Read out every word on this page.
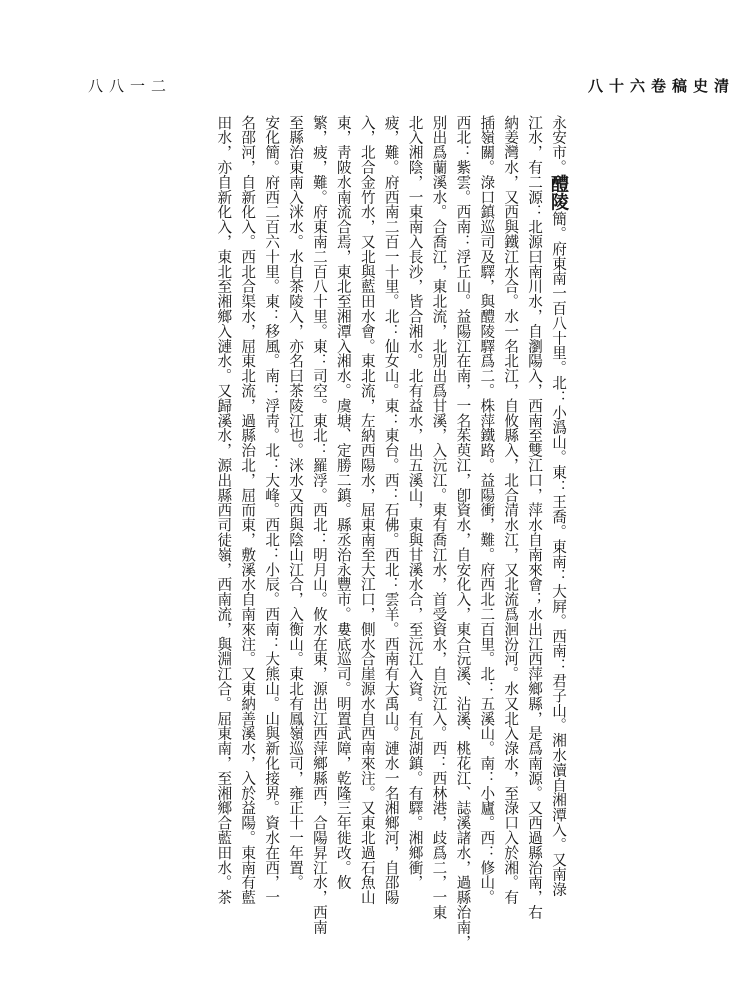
清史稿卷六十八
二一八八
永安市。醴陵簡。府東南一百八十里。北：小潙山。東：王喬。東南：大屛。西南：君子山。湘水瀆自湘潭入。又南淥
江水，有二源：北源曰南川水，自瀏陽入，西南至雙江口，萍水自南來會；水出江西萍鄉縣，是爲南源。又西過縣治南，右
納姜灣水，又西與鐵江水合。水一名北江，自攸縣入，北合清水江，又北流爲洄汾河。水又北入淥水，至淥口入於湘。有
插嶺關。淥口鎮巡司及驛，與醴陵驛爲二。株萍鐵路。益陽衝，難。府西北二百里。北：五溪山。南：小廬。西：修山。
西北：紫雲。西南：浮丘山。益陽江在南，一名茱萸江，卽資水，自安化入，東合沅溪、沾溪、桃花江、誌溪諸水，過縣治南，
別出爲蘭溪水。合喬江，東北流，北別出爲甘溪，入沅江。東有喬江水，首受資水，自沅江入。西：西林港，歧爲二，一東
北入湘陰，一東南入長沙，皆合湘水。北有益水，出五溪山，東與甘溪水合，至沅江入資。有瓦湖鎮。有驛。湘鄉衝，
疲，難。府西南二百一十里。北：仙女山。東：東台。西：石佛。西北：雲羊。西南有大禹山。漣水一名湘鄉河，自邵陽
入，北合金竹水，又北與藍田水會。東北流，左納西陽水，屈東南至大江口，側水合崖源水自西南來注。又東北過石魚山
東，靑陂水南流合焉，東北至湘潭入湘水。虞塘、定勝二鎮。縣丞治永豐市。婁底巡司。明置武障，乾隆三年徙改。攸
繁，疲，難。府東南二百八十里。東：司空。東北：羅浮。西北：明月山。攸水在東，源出江西萍鄉縣西，合陽昇江水，西南
至縣治東南入洣水。水自茶陵入，亦名曰茶陵江也。洣水又西與陰山江合，入衡山。東北有鳳嶺巡司，雍正十一年置。
安化簡。府西二百六十里。東：移風。南：浮靑。北：大峰。西北：小辰。西南：大熊山。山與新化接界。資水在西，一
名邵河，自新化入。西北合渠水，屈東北流，過縣治北，屈而東，敷溪水自南來注。又東納善溪水，入於益陽。東南有藍
田水，亦自新化入，東北至湘鄉入漣水。又歸溪水，源出縣西司徒嶺，西南流，與淵江合。屈東南，至湘鄉合藍田水。茶
